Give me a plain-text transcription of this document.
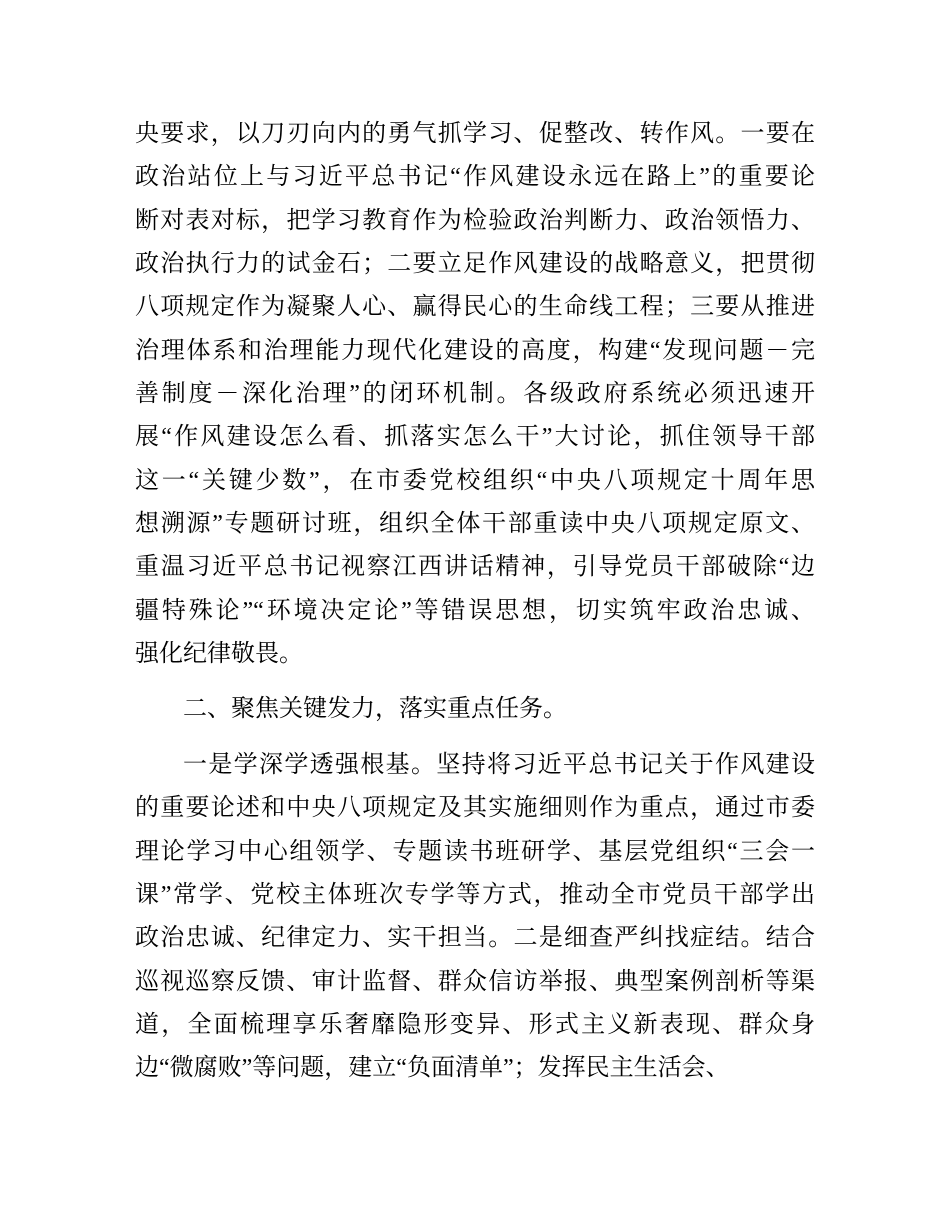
央要求，以刀刃向内的勇气抓学习、促整改、转作风。一要在
政治站位上与习近平总书记“作风建设永远在路上”的重要论
断对表对标，把学习教育作为检验政治判断力、政治领悟力、
政治执行力的试金石；二要立足作风建设的战略意义，把贯彻
八项规定作为凝聚人心、赢得民心的生命线工程；三要从推进
治理体系和治理能力现代化建设的高度，构建“发现问题－完
善制度－深化治理”的闭环机制。各级政府系统必须迅速开
展“作风建设怎么看、抓落实怎么干”大讨论，抓住领导干部
这一“关键少数”，在市委党校组织“中央八项规定十周年思
想溯源”专题研讨班，组织全体干部重读中央八项规定原文、
重温习近平总书记视察江西讲话精神，引导党员干部破除“边
疆特殊论”“环境决定论”等错误思想，切实筑牢政治忠诚、
强化纪律敬畏。
二、聚焦关键发力，落实重点任务。
一是学深学透强根基。坚持将习近平总书记关于作风建设
的重要论述和中央八项规定及其实施细则作为重点，通过市委
理论学习中心组领学、专题读书班研学、基层党组织“三会一
课”常学、党校主体班次专学等方式，推动全市党员干部学出
政治忠诚、纪律定力、实干担当。二是细查严纠找症结。结合
巡视巡察反馈、审计监督、群众信访举报、典型案例剖析等渠
道，全面梳理享乐奢靡隐形变异、形式主义新表现、群众身
边“微腐败”等问题，建立“负面清单”；发挥民主生活会、
